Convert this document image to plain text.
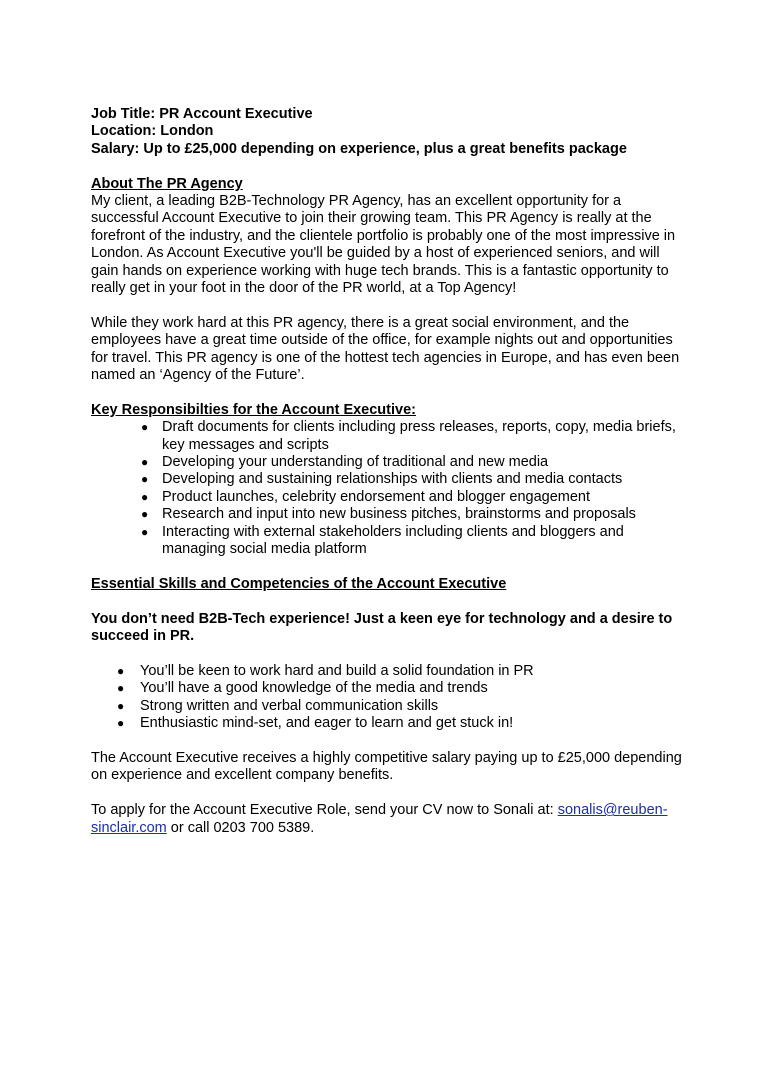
Job Title: PR Account Executive
Location: London
Salary: Up to £25,000 depending on experience, plus a great benefits package
About The PR Agency
My client, a leading B2B-Technology PR Agency, has an excellent opportunity for a
successful Account Executive to join their growing team. This PR Agency is really at the
forefront of the industry, and the clientele portfolio is probably one of the most impressive in
London. As Account Executive you'll be guided by a host of experienced seniors, and will
gain hands on experience working with huge tech brands. This is a fantastic opportunity to
really get in your foot in the door of the PR world, at a Top Agency!
While they work hard at this PR agency, there is a great social environment, and the
employees have a great time outside of the office, for example nights out and opportunities
for travel. This PR agency is one of the hottest tech agencies in Europe, and has even been
named an ‘Agency of the Future’.
Key Responsibilties for the Account Executive:
● Draft documents for clients including press releases, reports, copy, media briefs,
key messages and scripts
● Developing your understanding of traditional and new media
● Developing and sustaining relationships with clients and media contacts
● Product launches, celebrity endorsement and blogger engagement
● Research and input into new business pitches, brainstorms and proposals
● Interacting with external stakeholders including clients and bloggers and
managing social media platform
Essential Skills and Competencies of the Account Executive
You don’t need B2B-Tech experience! Just a keen eye for technology and a desire to
succeed in PR.
● You’ll be keen to work hard and build a solid foundation in PR
● You’ll have a good knowledge of the media and trends
● Strong written and verbal communication skills
● Enthusiastic mind-set, and eager to learn and get stuck in!
The Account Executive receives a highly competitive salary paying up to £25,000 depending
on experience and excellent company benefits.
To apply for the Account Executive Role, send your CV now to Sonali at: sonalis@reuben-
sinclair.com or call 0203 700 5389.
